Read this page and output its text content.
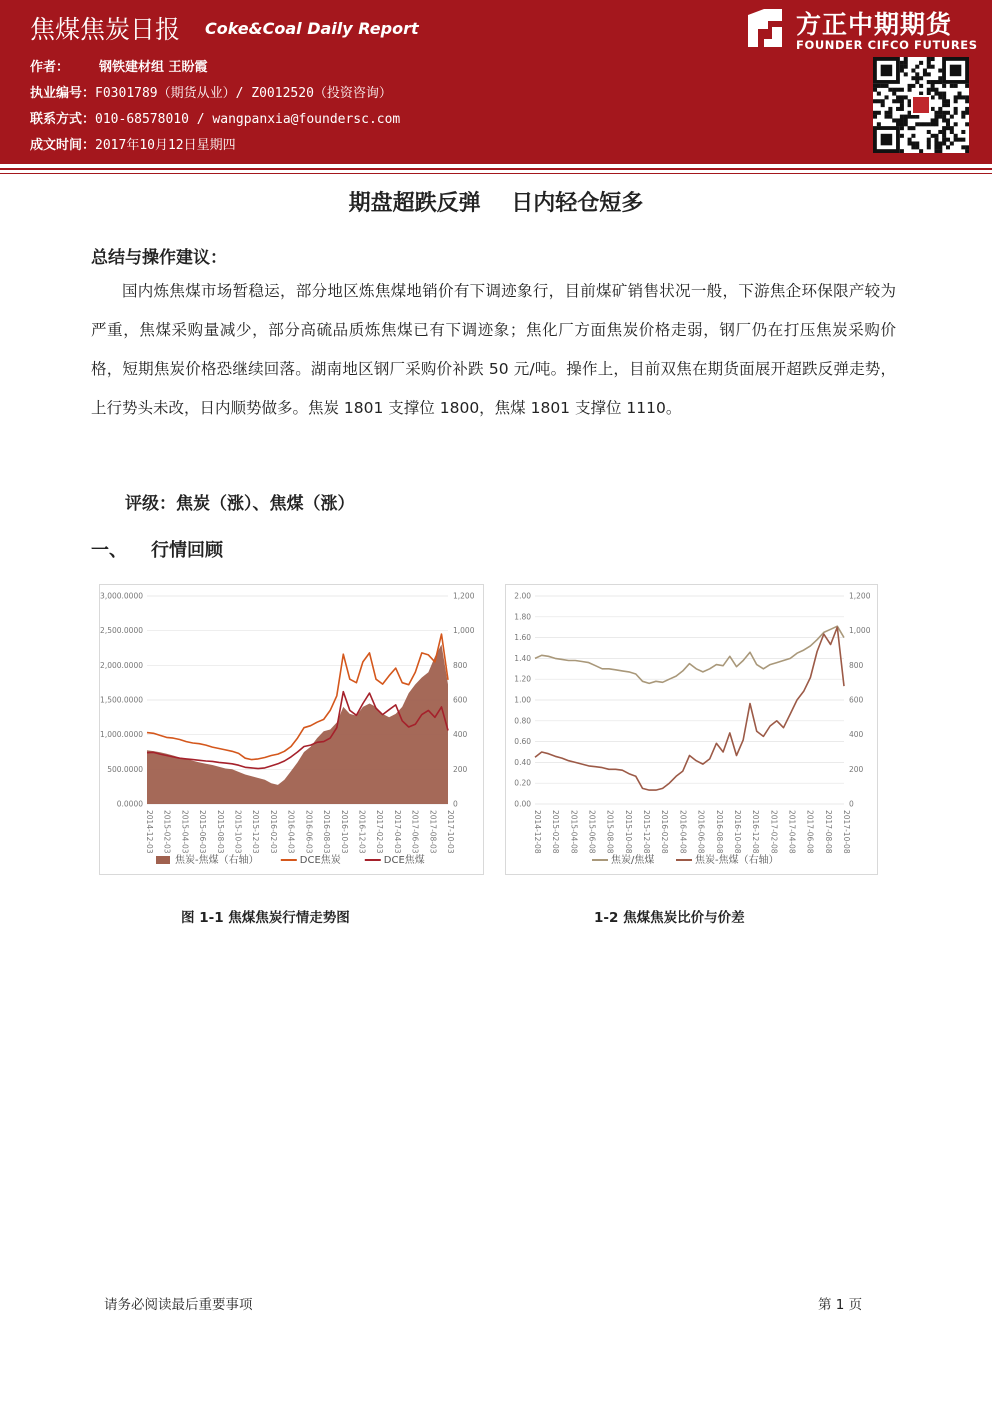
焦煤焦炭日报 Coke&Coal Daily Report
作者： 钢铁建材组 王盼霞
执业编号：F0301789（期货从业）/ Z0012520（投资咨询）
联系方式：010-68578010 / wangpanxia@foundersc.com
成文时间：2017年10月12日星期四
方正中期期货
FOUNDER CIFCO FUTURES
期盘超跌反弹    日内轻仓短多
总结与操作建议：

国内炼焦煤市场暂稳运，部分地区炼焦煤地销价有下调迹象行，目前煤矿销售状况一般，下游焦企环保限产较为严重，焦煤采购量减少，部分高硫品质炼焦煤已有下调迹象；焦化厂方面焦炭价格走弱，钢厂仍在打压焦炭采购价格，短期焦炭价格恐继续回落。湖南地区钢厂采购价补跌 50 元/吨。操作上，目前双焦在期货面展开超跌反弹走势，上行势头未改，日内顺势做多。焦炭 1801 支撑位 1800，焦煤 1801 支撑位 1110。

评级：焦炭（涨）、焦煤（涨）
一、 行情回顾
0.0000
500.0000
1,000.0000
1,500.0000
2,000.0000
2,500.0000
3,000.0000
0
200
400
600
800
1,000
1,200
2014-12-03 2015-02-03 2015-04-03 2015-06-03 2015-08-03 2015-10-03 2015-12-03 2016-02-03 2016-04-03 2016-06-03 2016-08-03 2016-10-03 2016-12-03 2017-02-03 2017-04-03 2017-06-03 2017-08-03 2017-10-03
焦炭-焦煤（右轴）	DCE焦炭	DCE焦煤
0.00
0.20
0.40
0.60
0.80
1.00
1.20
1.40
1.60
1.80
2.00
0
200
400
600
800
1,000
1,200
2014-12-08 2015-02-08 2015-04-08 2015-06-08 2015-08-08 2015-10-08 2015-12-08 2016-02-08 2016-04-08 2016-06-08 2016-08-08 2016-10-08 2016-12-08 2017-02-08 2017-04-08 2017-06-08 2017-08-08 2017-10-08
焦炭/焦煤	焦炭-焦煤（右轴）
图 1-1 焦煤焦炭行情走势图	1-2 焦煤焦炭比价与价差
请务必阅读最后重要事项	第 1 页
